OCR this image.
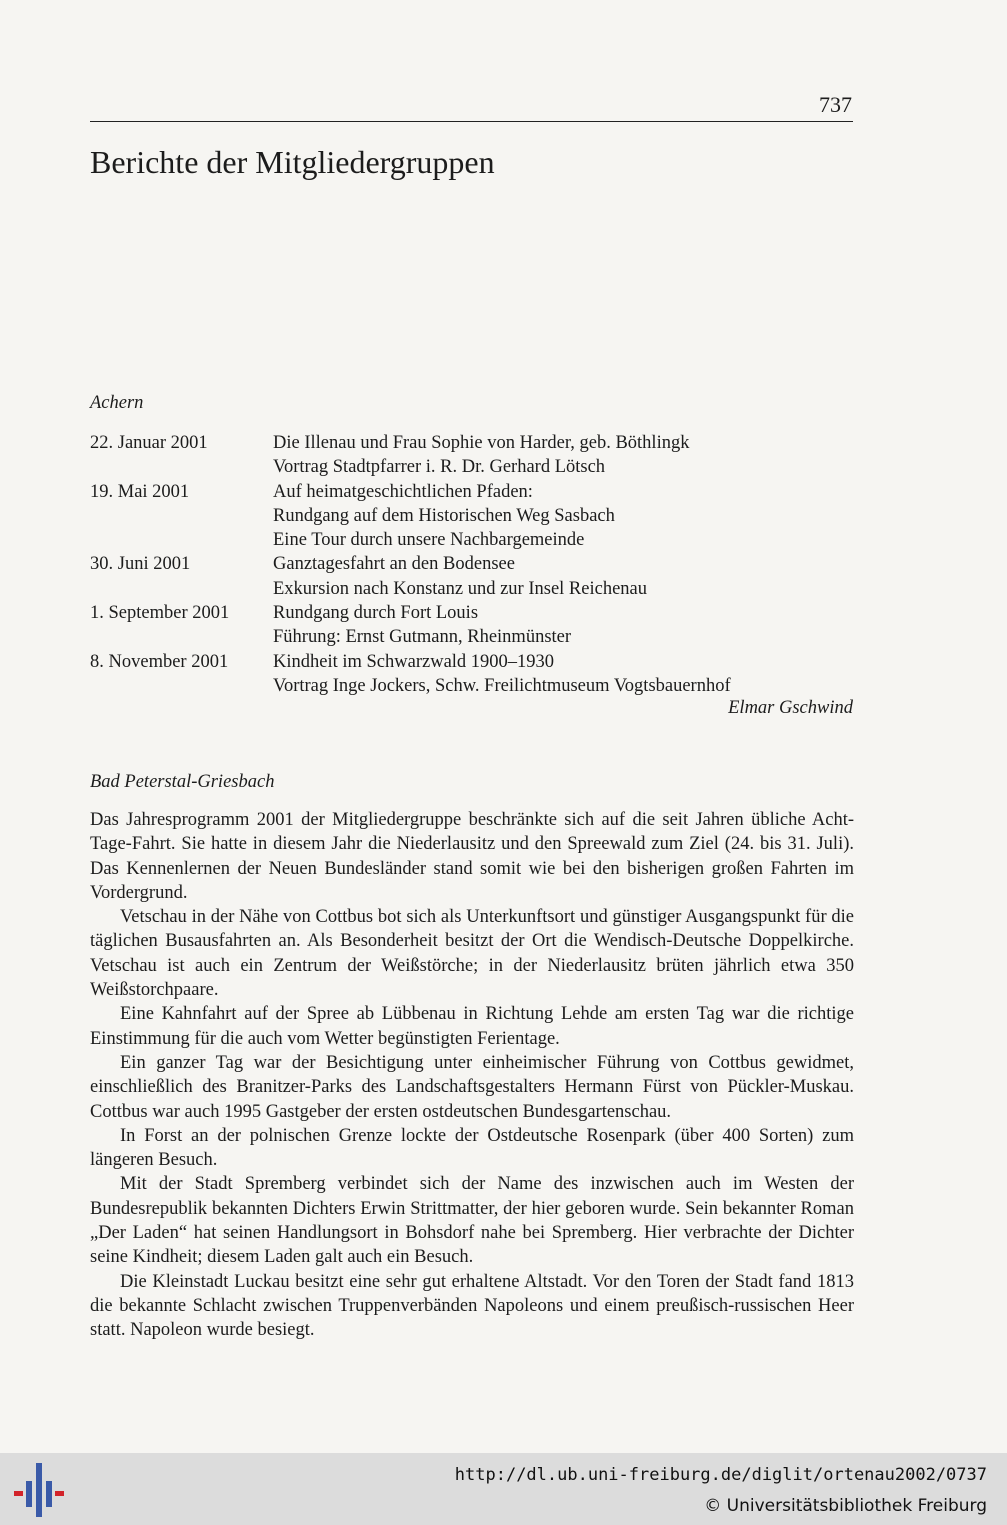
737
Berichte der Mitgliedergruppen
Achern
22. Januar 2001	Die Illenau und Frau Sophie von Harder, geb. Böthlingk
Vortrag Stadtpfarrer i. R. Dr. Gerhard Lötsch
19. Mai 2001	Auf heimatgeschichtlichen Pfaden:
Rundgang auf dem Historischen Weg Sasbach
Eine Tour durch unsere Nachbargemeinde
30. Juni 2001	Ganztagesfahrt an den Bodensee
Exkursion nach Konstanz und zur Insel Reichenau
1. September 2001	Rundgang durch Fort Louis
Führung: Ernst Gutmann, Rheinmünster
8. November 2001	Kindheit im Schwarzwald 1900–1930
Vortrag Inge Jockers, Schw. Freilichtmuseum Vogtsbauernhof
Elmar Gschwind
Bad Peterstal-Griesbach

Das Jahresprogramm 2001 der Mitgliedergruppe beschränkte sich auf die seit Jahren übliche Acht-Tage-Fahrt. Sie hatte in diesem Jahr die Niederlausitz und den Spreewald zum Ziel (24. bis 31. Juli). Das Kennenlernen der Neuen Bundesländer stand somit wie bei den bisherigen großen Fahrten im Vordergrund.

Vetschau in der Nähe von Cottbus bot sich als Unterkunftsort und günstiger Ausgangspunkt für die täglichen Busausfahrten an. Als Besonderheit besitzt der Ort die Wendisch-Deutsche Doppelkirche. Vetschau ist auch ein Zentrum der Weißstörche; in der Niederlausitz brüten jährlich etwa 350 Weißstorchpaare.

Eine Kahnfahrt auf der Spree ab Lübbenau in Richtung Lehde am ersten Tag war die richtige Einstimmung für die auch vom Wetter begünstigten Ferientage.

Ein ganzer Tag war der Besichtigung unter einheimischer Führung von Cottbus gewidmet, einschließlich des Branitzer-Parks des Landschaftsgestalters Hermann Fürst von Pückler-Muskau. Cottbus war auch 1995 Gastgeber der ersten ostdeutschen Bundesgartenschau.

In Forst an der polnischen Grenze lockte der Ostdeutsche Rosenpark (über 400 Sorten) zum längeren Besuch.

Mit der Stadt Spremberg verbindet sich der Name des inzwischen auch im Westen der Bundesrepublik bekannten Dichters Erwin Strittmatter, der hier geboren wurde. Sein bekannter Roman „Der Laden“ hat seinen Handlungsort in Bohsdorf nahe bei Spremberg. Hier verbrachte der Dichter seine Kindheit; diesem Laden galt auch ein Besuch.

Die Kleinstadt Luckau besitzt eine sehr gut erhaltene Altstadt. Vor den Toren der Stadt fand 1813 die bekannte Schlacht zwischen Truppenverbänden Napoleons und einem preußisch-russischen Heer statt. Napoleon wurde besiegt.

http://dl.ub.uni-freiburg.de/diglit/ortenau2002/0737
© Universitätsbibliothek Freiburg
